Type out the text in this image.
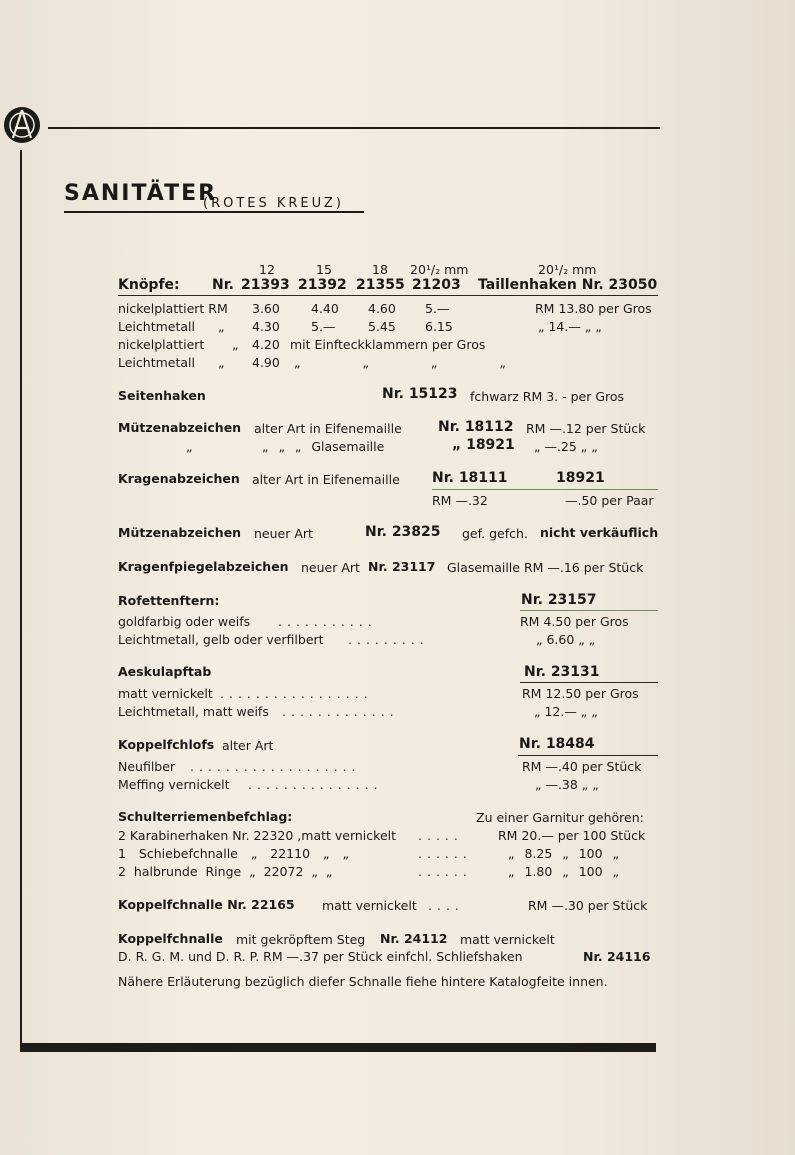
SANITÄTER
(ROTES KREUZ)
12	15	18 20¹/₂ mm	20¹/₂ mm
Knöpfe: Nr. 21393 21392 21355 21203 Taillenhaken Nr. 23050
nickelplattiert RM 3.60 4.40 4.60 5.—	RM 13.80 per Gros
Leichtmetall „ 4.30 5.—	5.45 6.15	„ 14.— „ „
nickelplattiert „ 4.20 mit Einfteckklammern per Gros
Leichtmetall „ 4.90 „ „ „ „
Seitenhaken	Nr. 15123 fchwarz RM 3. - per Gros
Mützenabzeichen alter Art in Eifenemaille	Nr. 18112 RM —.12 per Stück
„	„ „ „ Glasemaille	„ 18921 „ —.25 „ „
Kragenabzeichen alter Art in Eifenemaille Nr. 18111	18921
RM —.32	—.50 per Paar
Mützenabzeichen neuer Art	Nr. 23825 gef. gefch. nicht verkäuflich
Kragenfpiegelabzeichen neuer Art Nr. 23117 Glasemaille RM —.16 per Stück
Rofettenftern:	Nr. 23157
goldfarbig oder weifs ...........	RM 4.50 per Gros
Leichtmetall, gelb oder verfilbert .........	„ 6.60 „ „
Aeskulapftab	Nr. 23131
matt vernickelt .................	RM 12.50 per Gros
Leichtmetall, matt weifs .............	„ 12.— „ „
Koppelfchlofs alter Art	Nr. 18484
Neufilber ...................	RM —.40 per Stück
Meffing vernickelt ...............	„ —.38 „ „
Schulterriemenbefchlag:	Zu einer Garnitur gehören:
2 Karabinerhaken Nr. 22320 ,matt vernickelt .....	RM 20.— per 100 Stück
1 Schiebefchnalle „ 22110 „ „	......	„ 8.25 „ 100 „
2 halbrunde Ringe „ 22072 „ „	......	„ 1.80 „ 100 „
Koppelfchnalle Nr. 22165 matt vernickelt ....	RM —.30 per Stück
Koppelfchnalle mit gekröpftem Steg Nr. 24112 matt vernickelt
D. R. G. M. und D. R. P. RM —.37 per Stück einfchl. Schliefshaken	Nr. 24116
Nähere Erläuterung bezüglich diefer Schnalle fiehe hintere Katalogfeite innen.
